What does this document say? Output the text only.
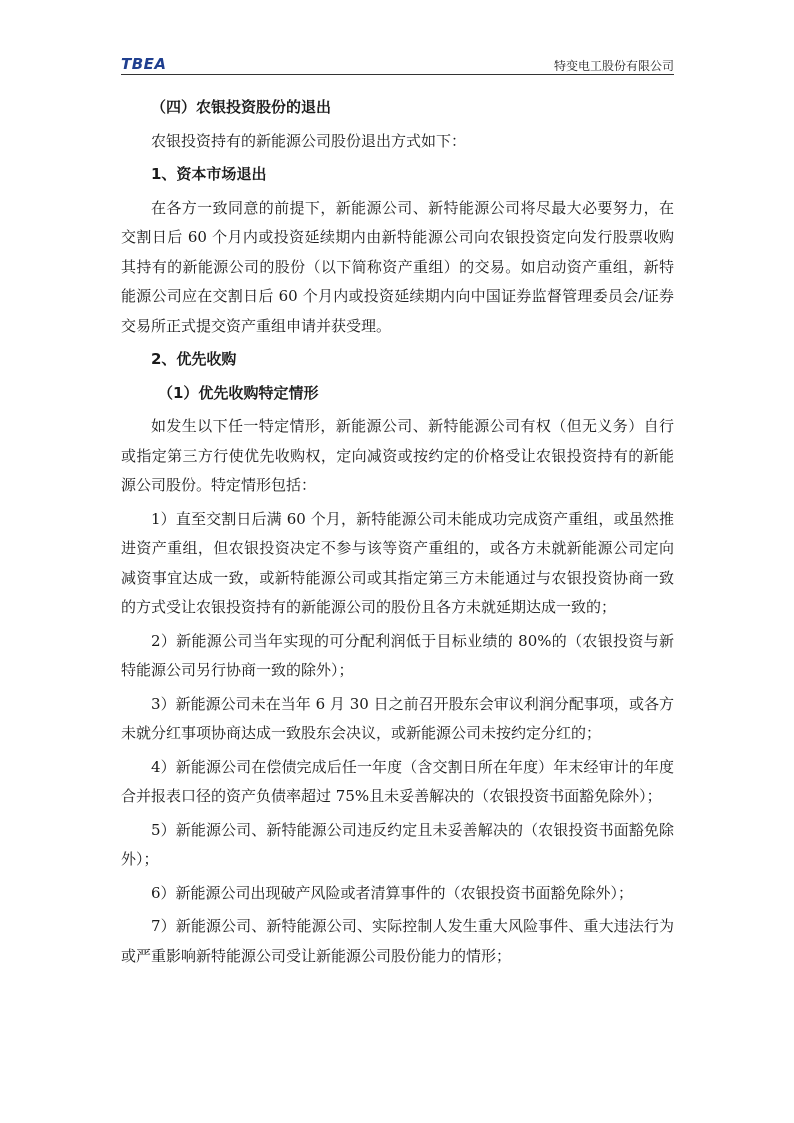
TBEA	特变电工股份有限公司

（四）农银投资股份的退出

农银投资持有的新能源公司股份退出方式如下：

1、资本市场退出

在各方一致同意的前提下，新能源公司、新特能源公司将尽最大必要努力，在交割日后 60 个月内或投资延续期内由新特能源公司向农银投资定向发行股票收购其持有的新能源公司的股份（以下简称资产重组）的交易。如启动资产重组，新特能源公司应在交割日后 60 个月内或投资延续期内向中国证券监督管理委员会/证券交易所正式提交资产重组申请并获受理。

2、优先收购

（1）优先收购特定情形

如发生以下任一特定情形，新能源公司、新特能源公司有权（但无义务）自行或指定第三方行使优先收购权，定向减资或按约定的价格受让农银投资持有的新能源公司股份。特定情形包括：

1）直至交割日后满 60 个月，新特能源公司未能成功完成资产重组，或虽然推进资产重组，但农银投资决定不参与该等资产重组的，或各方未就新能源公司定向减资事宜达成一致，或新特能源公司或其指定第三方未能通过与农银投资协商一致的方式受让农银投资持有的新能源公司的股份且各方未就延期达成一致的；

2）新能源公司当年实现的可分配利润低于目标业绩的 80%的（农银投资与新特能源公司另行协商一致的除外）；

3）新能源公司未在当年 6 月 30 日之前召开股东会审议利润分配事项，或各方未就分红事项协商达成一致股东会决议，或新能源公司未按约定分红的；

4）新能源公司在偿债完成后任一年度（含交割日所在年度）年末经审计的年度合并报表口径的资产负债率超过 75%且未妥善解决的（农银投资书面豁免除外）；

5）新能源公司、新特能源公司违反约定且未妥善解决的（农银投资书面豁免除外）；

6）新能源公司出现破产风险或者清算事件的（农银投资书面豁免除外）；

7）新能源公司、新特能源公司、实际控制人发生重大风险事件、重大违法行为或严重影响新特能源公司受让新能源公司股份能力的情形；
